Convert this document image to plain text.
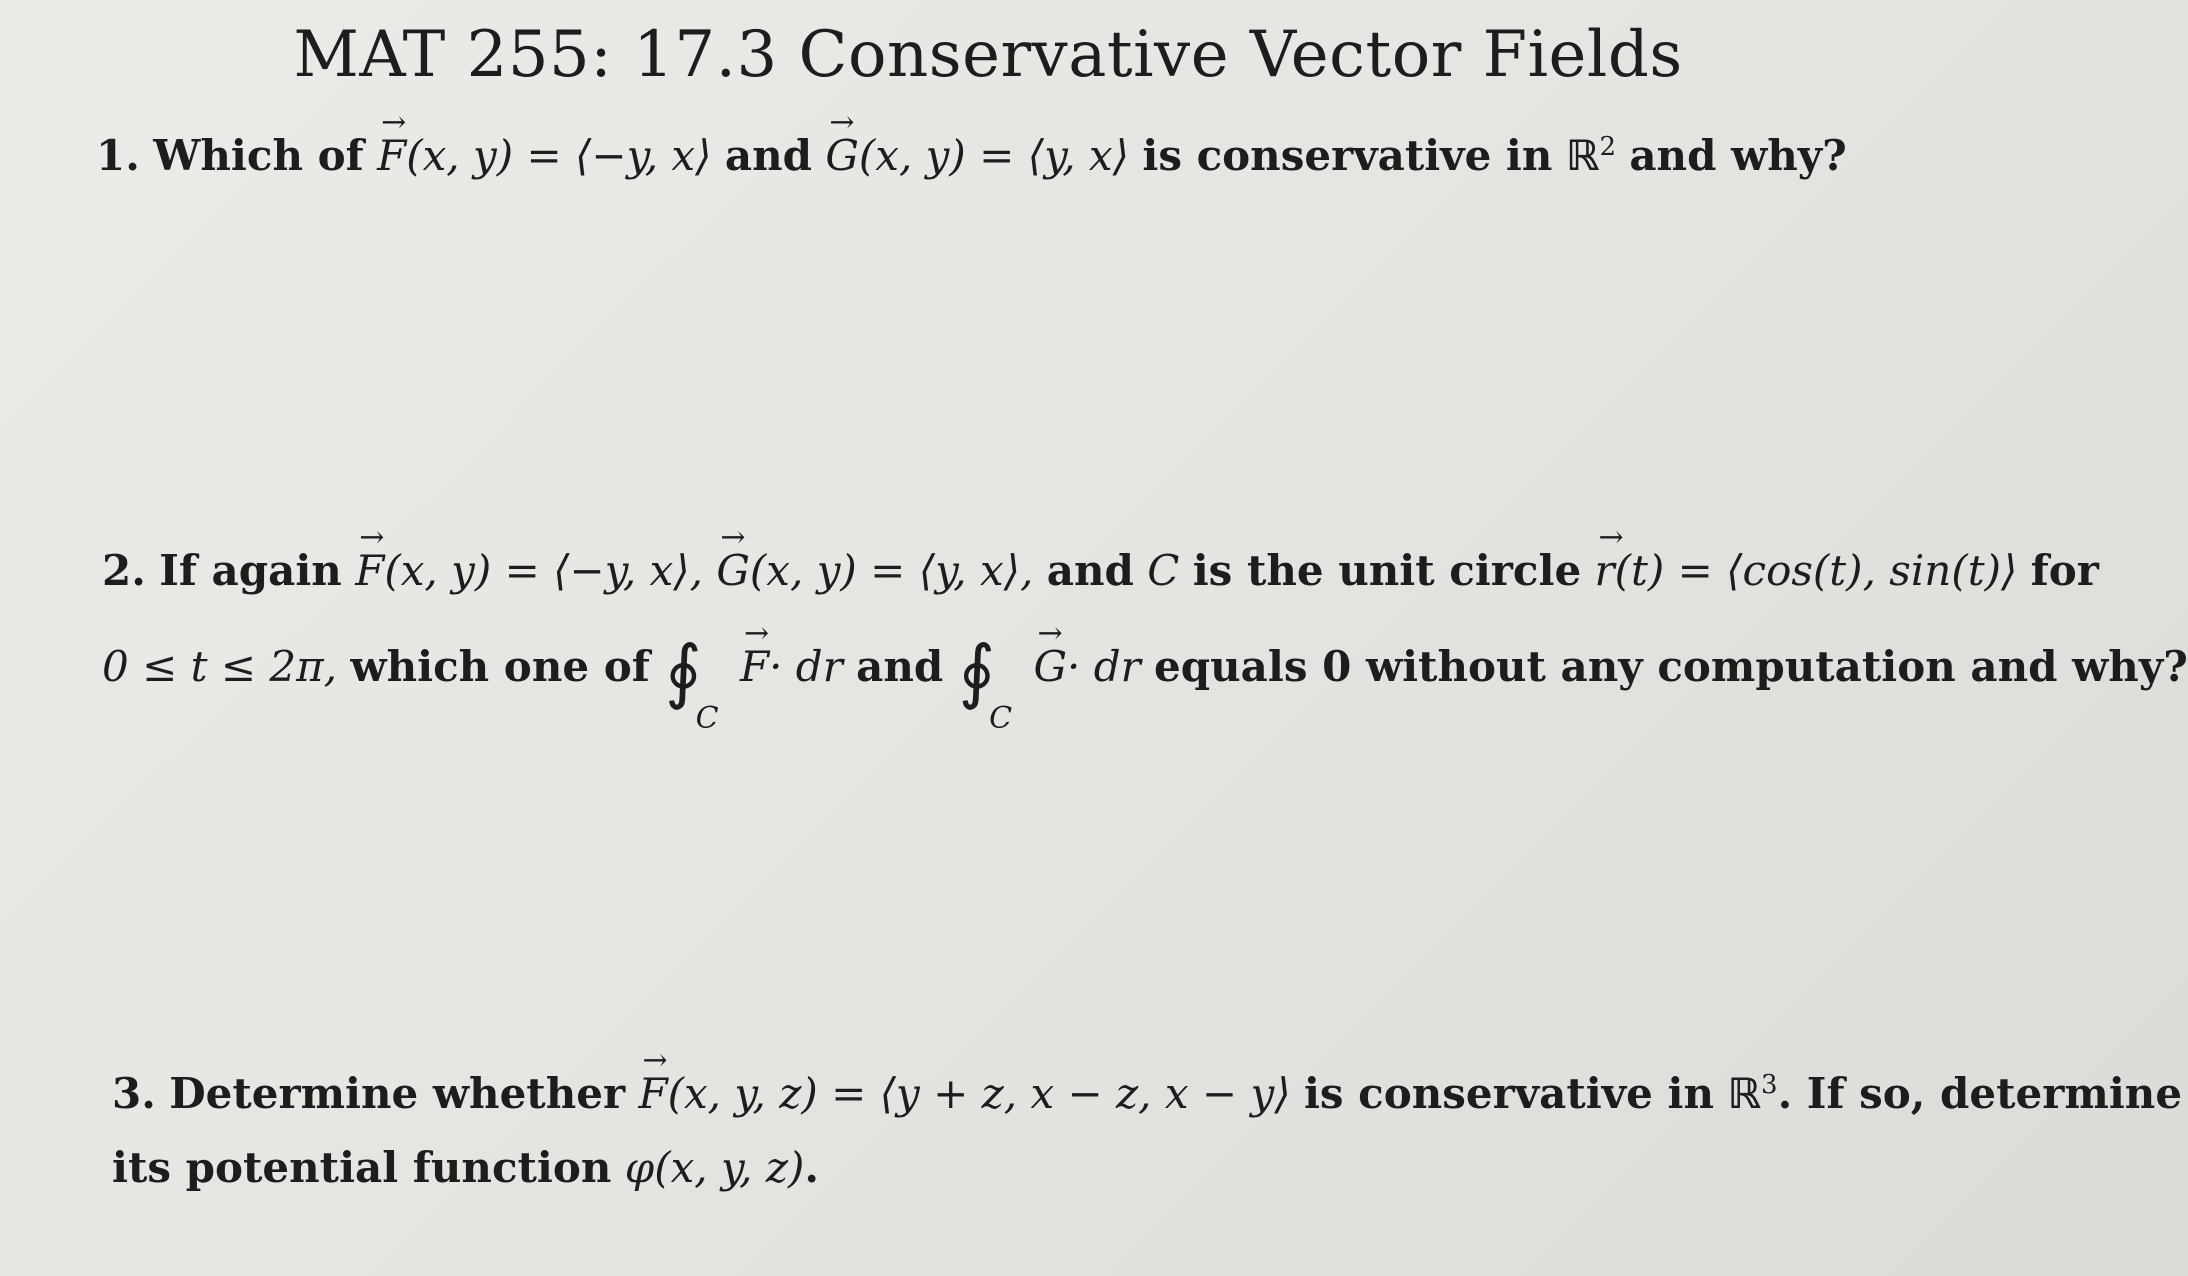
MAT 255: 17.3 Conservative Vector Fields
1. Which of → F(x, y) = ⟨−y, x⟩ and → G(x, y) = ⟨y, x⟩ is conservative in ℝ$^2$ and why?
2. If again → F(x, y) = ⟨−y, x⟩, → G(x, y) = ⟨y, x⟩, and C is the unit circle → r(t) = ⟨cos(t), sin(t)⟩ for
0 ≤ t ≤ 2π, which one of $∮_C \to F\cdot$ dr and $∮_C \to G\cdot$ dr equals 0 without any computation and why?
3. Determine whether → F(x, y, z) = ⟨y + z, x − z, x − y⟩ is conservative in ℝ$^3$. If so, determine
its potential function φ(x, y, z).
